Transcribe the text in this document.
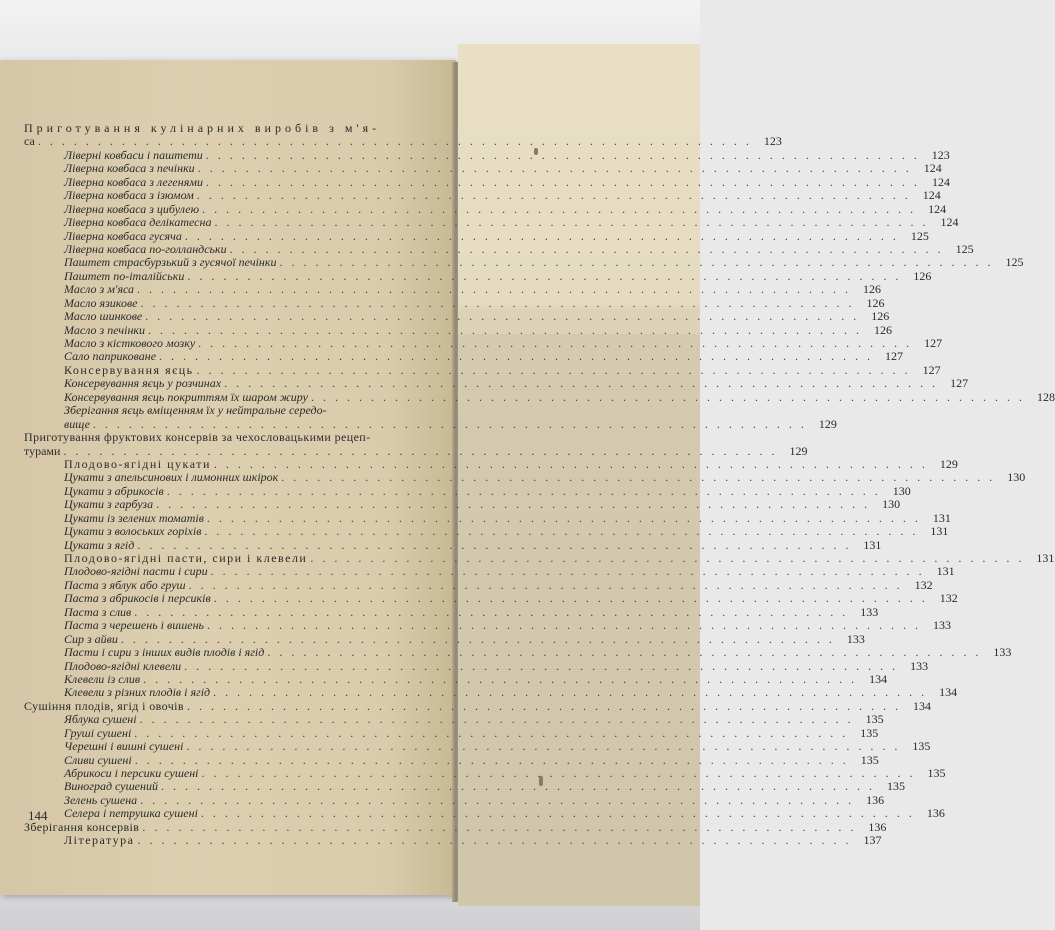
Приготування кулінарних виробів з м'я-
са . . . . . . . . . . . . . . . . . . . . . . . . . . . . . . . . . . . . . . . . . . . . . . . . . . . . . . . . . . . .	123
Ліверні ковбаси і паштети . . . . . . . . . . . . . . . . . . . . . . . . . . . . . . . . . . . . . . . . . . . . . . . . . . . . . . . . . . . .	123
Ліверна ковбаса з печінки . . . . . . . . . . . . . . . . . . . . . . . . . . . . . . . . . . . . . . . . . . . . . . . . . . . . . . . . . . . .	124
Ліверна ковбаса з легенями . . . . . . . . . . . . . . . . . . . . . . . . . . . . . . . . . . . . . . . . . . . . . . . . . . . . . . . . . . . .	124
Ліверна ковбаса з ізюмом . . . . . . . . . . . . . . . . . . . . . . . . . . . . . . . . . . . . . . . . . . . . . . . . . . . . . . . . . . . .	124
Ліверна ковбаса з цибулею . . . . . . . . . . . . . . . . . . . . . . . . . . . . . . . . . . . . . . . . . . . . . . . . . . . . . . . . . . . .	124
Ліверна ковбаса делікатесна . . . . . . . . . . . . . . . . . . . . . . . . . . . . . . . . . . . . . . . . . . . . . . . . . . . . . . . . . . . .	124
Ліверна ковбаса гусяча . . . . . . . . . . . . . . . . . . . . . . . . . . . . . . . . . . . . . . . . . . . . . . . . . . . . . . . . . . . .	125
Ліверна ковбаса по-голландськи . . . . . . . . . . . . . . . . . . . . . . . . . . . . . . . . . . . . . . . . . . . . . . . . . . . . . . . . . . . .	125
Паштет страсбурзький з гусячої печінки . . . . . . . . . . . . . . . . . . . . . . . . . . . . . . . . . . . . . . . . . . . . . . . . . . . . . . . . . . . .	125
Паштет по-італійськи . . . . . . . . . . . . . . . . . . . . . . . . . . . . . . . . . . . . . . . . . . . . . . . . . . . . . . . . . . . .	126
Масло з м'яса . . . . . . . . . . . . . . . . . . . . . . . . . . . . . . . . . . . . . . . . . . . . . . . . . . . . . . . . . . . .	126
Масло язикове . . . . . . . . . . . . . . . . . . . . . . . . . . . . . . . . . . . . . . . . . . . . . . . . . . . . . . . . . . . .	126
Масло шинкове . . . . . . . . . . . . . . . . . . . . . . . . . . . . . . . . . . . . . . . . . . . . . . . . . . . . . . . . . . . .	126
Масло з печінки . . . . . . . . . . . . . . . . . . . . . . . . . . . . . . . . . . . . . . . . . . . . . . . . . . . . . . . . . . . .	126
Масло з кісткового мозку . . . . . . . . . . . . . . . . . . . . . . . . . . . . . . . . . . . . . . . . . . . . . . . . . . . . . . . . . . . .	127
Сало паприковане . . . . . . . . . . . . . . . . . . . . . . . . . . . . . . . . . . . . . . . . . . . . . . . . . . . . . . . . . . . .	127
Консервування яєць . . . . . . . . . . . . . . . . . . . . . . . . . . . . . . . . . . . . . . . . . . . . . . . . . . . . . . . . . . . .	127
Консервування яєць у розчинах . . . . . . . . . . . . . . . . . . . . . . . . . . . . . . . . . . . . . . . . . . . . . . . . . . . . . . . . . . . .	127
Консервування яєць покриттям їх шаром жиру . . . . . . . . . . . . . . . . . . . . . . . . . . . . . . . . . . . . . . . . . . . . . . . . . . . . . . . . . . . .	128
Зберігання яєць вміщенням їх у нейтральне середо-
вище . . . . . . . . . . . . . . . . . . . . . . . . . . . . . . . . . . . . . . . . . . . . . . . . . . . . . . . . . . . .	129
Приготування фруктових консервів за чехословацькими рецеп-
турами . . . . . . . . . . . . . . . . . . . . . . . . . . . . . . . . . . . . . . . . . . . . . . . . . . . . . . . . . . . .	129
Плодово-ягідні цукати . . . . . . . . . . . . . . . . . . . . . . . . . . . . . . . . . . . . . . . . . . . . . . . . . . . . . . . . . . . .	129
Цукати з апельсинових і лимонних шкірок . . . . . . . . . . . . . . . . . . . . . . . . . . . . . . . . . . . . . . . . . . . . . . . . . . . . . . . . . . . .	130
Цукати з абрикосів . . . . . . . . . . . . . . . . . . . . . . . . . . . . . . . . . . . . . . . . . . . . . . . . . . . . . . . . . . . .	130
Цукати з гарбуза . . . . . . . . . . . . . . . . . . . . . . . . . . . . . . . . . . . . . . . . . . . . . . . . . . . . . . . . . . . .	130
Цукати із зелених томатів . . . . . . . . . . . . . . . . . . . . . . . . . . . . . . . . . . . . . . . . . . . . . . . . . . . . . . . . . . . .	131
Цукати з волоських горіхів . . . . . . . . . . . . . . . . . . . . . . . . . . . . . . . . . . . . . . . . . . . . . . . . . . . . . . . . . . . .	131
Цукати з ягід . . . . . . . . . . . . . . . . . . . . . . . . . . . . . . . . . . . . . . . . . . . . . . . . . . . . . . . . . . . .	131
Плодово-ягідні пасти, сири і клевели . . . . . . . . . . . . . . . . . . . . . . . . . . . . . . . . . . . . . . . . . . . . . . . . . . . . . . . . . . . .	131
Плодово-ягідні пасти і сири . . . . . . . . . . . . . . . . . . . . . . . . . . . . . . . . . . . . . . . . . . . . . . . . . . . . . . . . . . . .	131
Паста з яблук або груш . . . . . . . . . . . . . . . . . . . . . . . . . . . . . . . . . . . . . . . . . . . . . . . . . . . . . . . . . . . .	132
Паста з абрикосів і персиків . . . . . . . . . . . . . . . . . . . . . . . . . . . . . . . . . . . . . . . . . . . . . . . . . . . . . . . . . . . .	132
Паста з слив . . . . . . . . . . . . . . . . . . . . . . . . . . . . . . . . . . . . . . . . . . . . . . . . . . . . . . . . . . . .	133
Паста з черешень і вишень . . . . . . . . . . . . . . . . . . . . . . . . . . . . . . . . . . . . . . . . . . . . . . . . . . . . . . . . . . . .	133
Сир з айви . . . . . . . . . . . . . . . . . . . . . . . . . . . . . . . . . . . . . . . . . . . . . . . . . . . . . . . . . . . .	133
Пасти і сири з інших видів плодів і ягід . . . . . . . . . . . . . . . . . . . . . . . . . . . . . . . . . . . . . . . . . . . . . . . . . . . . . . . . . . . .	133
Плодово-ягідні клевели . . . . . . . . . . . . . . . . . . . . . . . . . . . . . . . . . . . . . . . . . . . . . . . . . . . . . . . . . . . .	133
Клевели із слив . . . . . . . . . . . . . . . . . . . . . . . . . . . . . . . . . . . . . . . . . . . . . . . . . . . . . . . . . . . .	134
Клевели з різних плодів і ягід . . . . . . . . . . . . . . . . . . . . . . . . . . . . . . . . . . . . . . . . . . . . . . . . . . . . . . . . . . . .	134
Сушіння плодів, ягід і овочів . . . . . . . . . . . . . . . . . . . . . . . . . . . . . . . . . . . . . . . . . . . . . . . . . . . . . . . . . . . .	134
Яблука сушені . . . . . . . . . . . . . . . . . . . . . . . . . . . . . . . . . . . . . . . . . . . . . . . . . . . . . . . . . . . .	135
Груші сушені . . . . . . . . . . . . . . . . . . . . . . . . . . . . . . . . . . . . . . . . . . . . . . . . . . . . . . . . . . . .	135
Черешні і вишні сушені . . . . . . . . . . . . . . . . . . . . . . . . . . . . . . . . . . . . . . . . . . . . . . . . . . . . . . . . . . . .	135
Сливи сушені . . . . . . . . . . . . . . . . . . . . . . . . . . . . . . . . . . . . . . . . . . . . . . . . . . . . . . . . . . . .	135
Абрикоси і персики сушені . . . . . . . . . . . . . . . . . . . . . . . . . . . . . . . . . . . . . . . . . . . . . . . . . . . . . . . . . . . .	135
Виноград сушений . . . . . . . . . . . . . . . . . . . . . . . . . . . . . . . . . . . . . . . . . . . . . . . . . . . . . . . . . . . .	135
Зелень сушена . . . . . . . . . . . . . . . . . . . . . . . . . . . . . . . . . . . . . . . . . . . . . . . . . . . . . . . . . . . .	136
Селера і петрушка сушені . . . . . . . . . . . . . . . . . . . . . . . . . . . . . . . . . . . . . . . . . . . . . . . . . . . . . . . . . . . .	136
Зберігання консервів . . . . . . . . . . . . . . . . . . . . . . . . . . . . . . . . . . . . . . . . . . . . . . . . . . . . . . . . . . . .	136
Література . . . . . . . . . . . . . . . . . . . . . . . . . . . . . . . . . . . . . . . . . . . . . . . . . . . . . . . . . . . .	137
144
